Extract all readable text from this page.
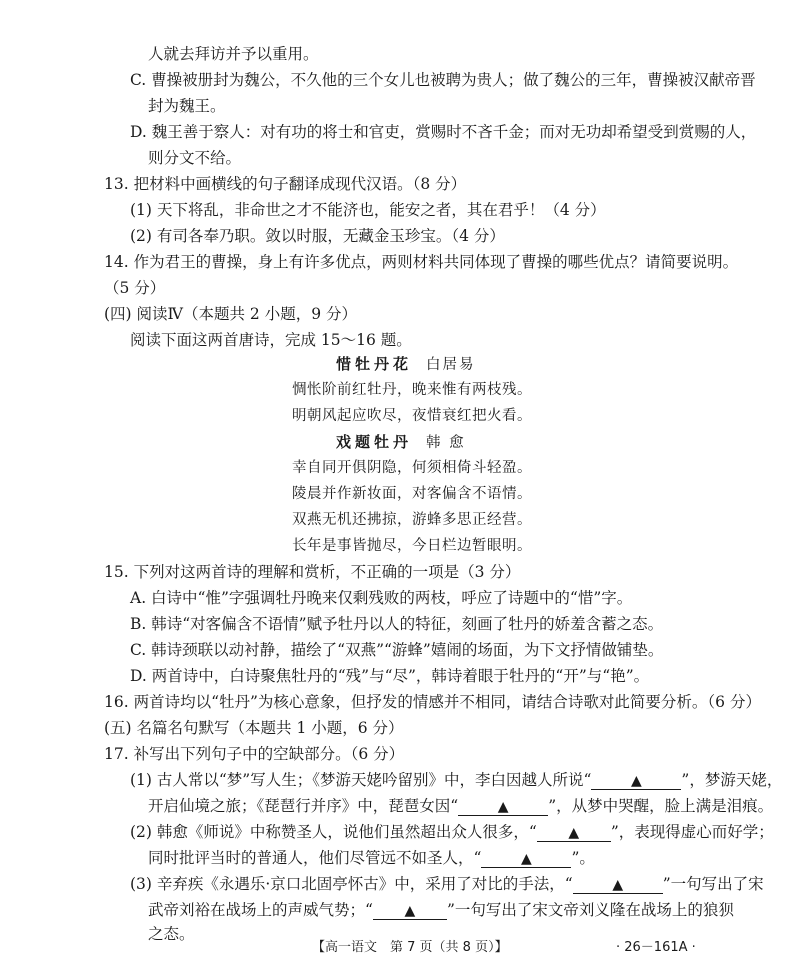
人就去拜访并予以重用。
C. 曹操被册封为魏公，不久他的三个女儿也被聘为贵人；做了魏公的三年，曹操被汉献帝晋
封为魏王。
D. 魏王善于察人：对有功的将士和官吏，赏赐时不吝千金；而对无功却希望受到赏赐的人，
则分文不给。
13. 把材料中画横线的句子翻译成现代汉语。（8 分）
(1) 天下将乱，非命世之才不能济也，能安之者，其在君乎！（4 分）
(2) 有司各奉乃职。敛以时服，无藏金玉珍宝。（4 分）
14. 作为君王的曹操，身上有许多优点，两则材料共同体现了曹操的哪些优点？请简要说明。
（5 分）
(四) 阅读Ⅳ（本题共 2 小题，9 分）
阅读下面这两首唐诗，完成 15～16 题。
惜牡丹花 白居易
惆怅阶前红牡丹，晚来惟有两枝残。
明朝风起应吹尽，夜惜衰红把火看。
戏题牡丹 韩 愈
幸自同开俱阴隐，何须相倚斗轻盈。
陵晨并作新妆面，对客偏含不语情。
双燕无机还拂掠，游蜂多思正经营。
长年是事皆抛尽，今日栏边暂眼明。
15. 下列对这两首诗的理解和赏析，不正确的一项是（3 分）
A. 白诗中“惟”字强调牡丹晚来仅剩残败的两枝，呼应了诗题中的“惜”字。
B. 韩诗“对客偏含不语情”赋予牡丹以人的特征，刻画了牡丹的娇羞含蓄之态。
C. 韩诗颈联以动衬静，描绘了“双燕”“游蜂”嬉闹的场面，为下文抒情做铺垫。
D. 两首诗中，白诗聚焦牡丹的“残”与“尽”，韩诗着眼于牡丹的“开”与“艳”。
16. 两首诗均以“牡丹”为核心意象，但抒发的情感并不相同，请结合诗歌对此简要分析。（6 分）
(五) 名篇名句默写（本题共 1 小题，6 分）
17. 补写出下列句子中的空缺部分。（6 分）
(1) 古人常以“梦”写人生；《梦游天姥吟留别》中，李白因越人所说“	▲	”，梦游天姥，
开启仙境之旅；《琵琶行并序》中，琵琶女因“	▲	”，从梦中哭醒，脸上满是泪痕。
(2) 韩愈《师说》中称赞圣人，说他们虽然超出众人很多，“ ▲ ”，表现得虚心而好学；
同时批评当时的普通人，他们尽管远不如圣人，“	▲	”。
(3) 辛弃疾《永遇乐·京口北固亭怀古》中，采用了对比的手法，“	▲	”一句写出了宋
武帝刘裕在战场上的声威气势；“ ▲ ”一句写出了宋文帝刘义隆在战场上的狼狈
之态。
【高一语文　第 7 页（共 8 页）】	· 26－161A ·
